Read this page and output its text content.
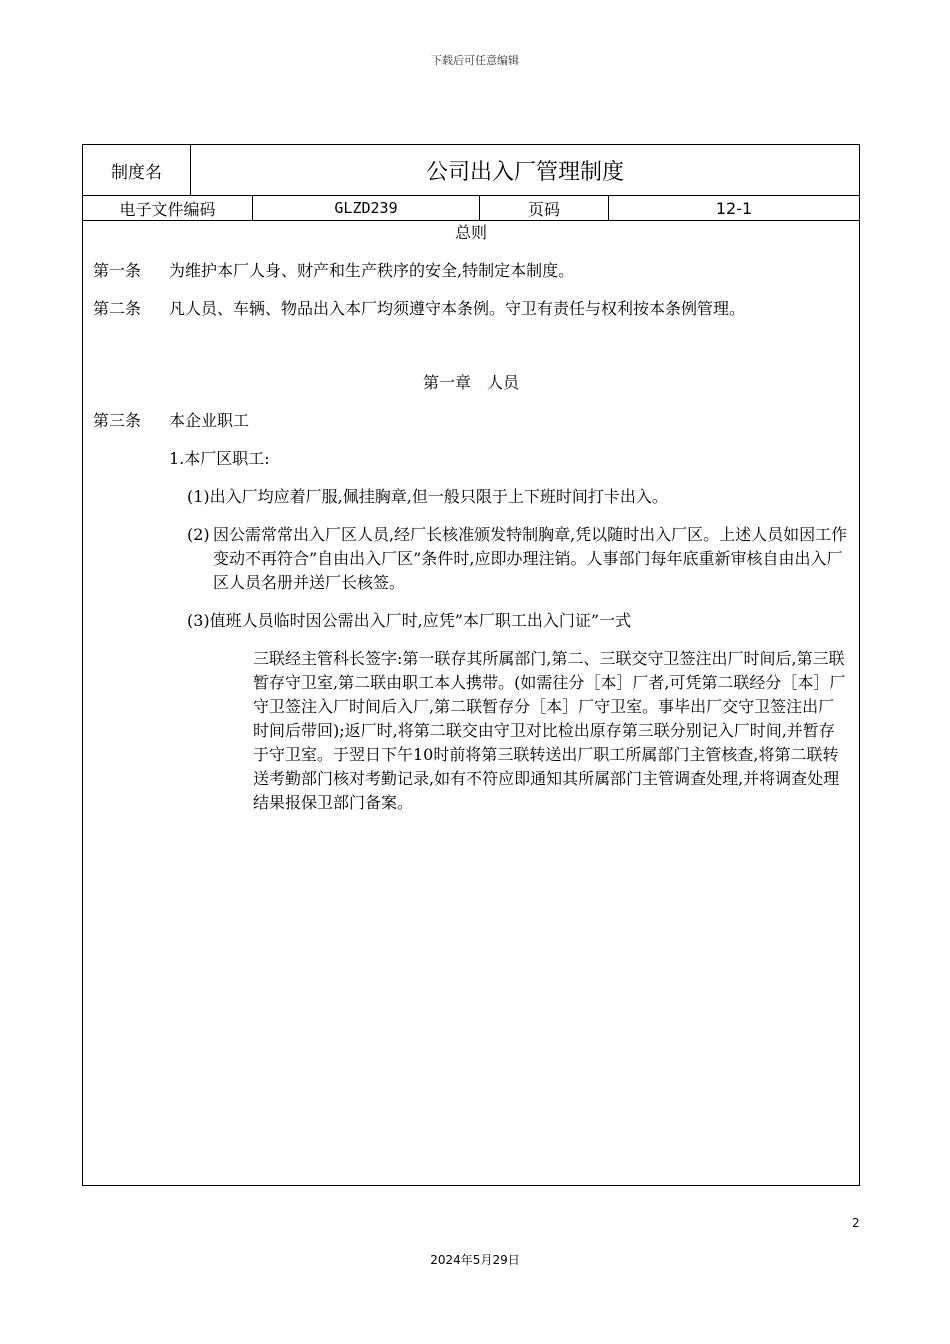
下载后可任意编辑
制度名	公司出入厂管理制度
电子文件编码	GLZD239	页码	12-1
总则
第一条 为维护本厂人身、财产和生产秩序的安全,特制定本制度。
第二条 凡人员、车辆、物品出入本厂均须遵守本条例。守卫有责任与权利按本条例管理。
第一章　人员
第三条 本企业职工
1.本厂区职工:
(1)出入厂均应着厂服,佩挂胸章,但一般只限于上下班时间打卡出入。
(2) 因公需常常出入厂区人员,经厂长核准颁发特制胸章,凭以随时出入厂区。上述人员如因工作变动不再符合”自由出入厂区”条件时,应即办理注销。人事部门每年底重新审核自由出入厂区人员名册并送厂长核签。
(3)值班人员临时因公需出入厂时,应凭”本厂职工出入门证”一式
三联经主管科长签字:第一联存其所属部门,第二、三联交守卫签注出厂时间后,第三联暂存守卫室,第二联由职工本人携带。(如需往分［本］厂者,可凭第二联经分［本］厂守卫签注入厂时间后入厂,第二联暂存分［本］厂守卫室。事毕出厂交守卫签注出厂时间后带回);返厂时,将第二联交由守卫对比检出原存第三联分别记入厂时间,并暂存于守卫室。于翌日下午10时前将第三联转送出厂职工所属部门主管核查,将第二联转送考勤部门核对考勤记录,如有不符应即通知其所属部门主管调查处理,并将调查处理结果报保卫部门备案。
2
2024年5月29日
